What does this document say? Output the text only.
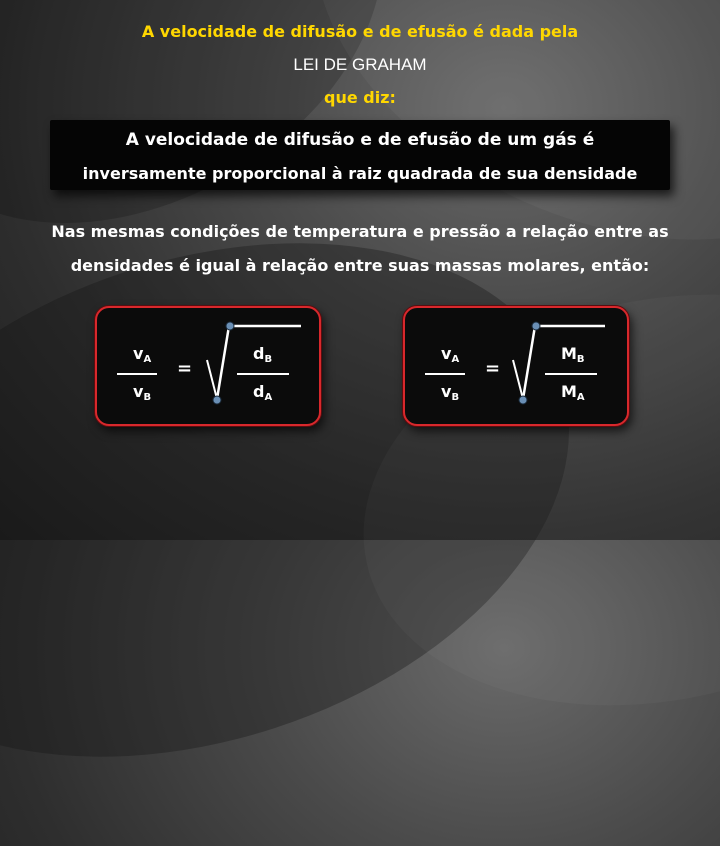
A velocidade de difusão e de efusão é dada pela
LEI DE GRAHAM
que diz:
A velocidade de difusão e de efusão de um gás é
inversamente proporcional à raiz quadrada de sua densidade
Nas mesmas condições de temperatura e pressão a relação entre as
densidades é igual à relação entre suas massas molares, então:
$v_A$
$v_B$
=
$d_B$
$d_A$
$v_A$
$v_B$
=
$M_B$
$M_A$
